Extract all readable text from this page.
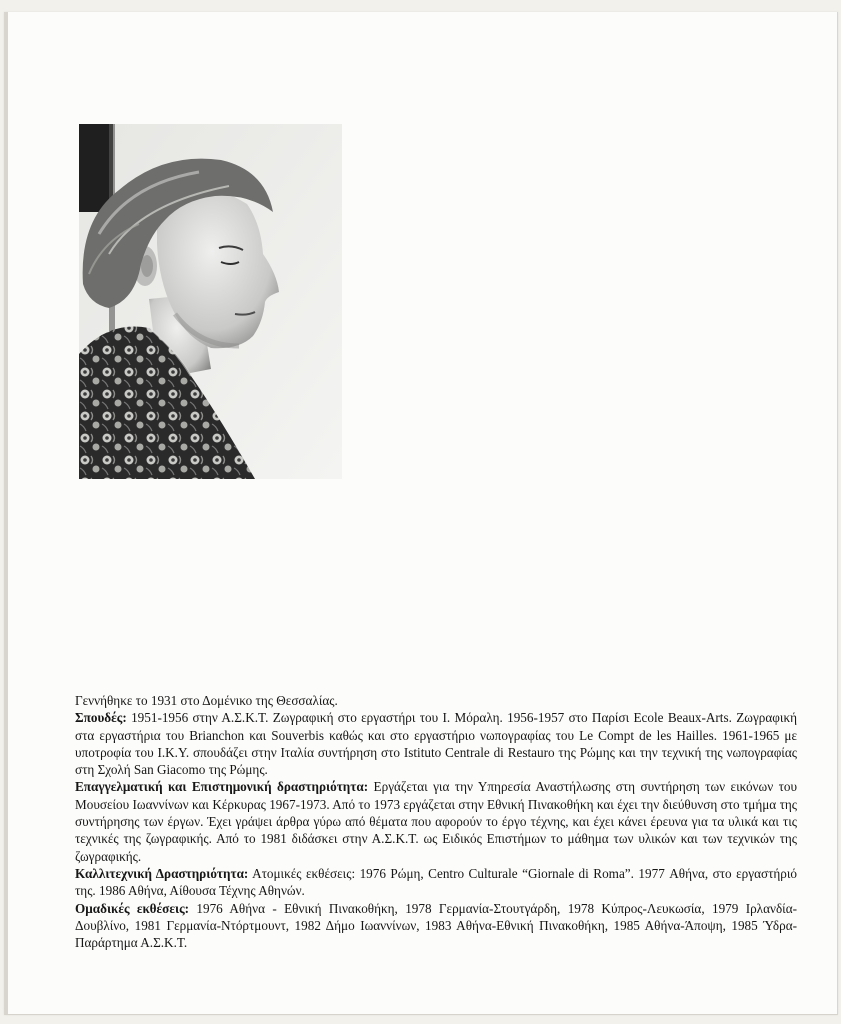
Γεννήθηκε το 1931 στο Δομένικο της Θεσσαλίας.

Σπουδές: 1951-1956 στην Α.Σ.Κ.Τ. Ζωγραφική στο εργαστήρι του Ι. Μόραλη. 1956-1957 στο Παρίσι Ecole Beaux-Arts. Ζωγραφική στα εργαστήρια του Brianchon και Souverbis καθώς και στο εργαστήριο νωπογραφίας του Le Compt de les Hailles. 1961-1965 με υποτροφία του Ι.Κ.Υ. σπουδάζει στην Ιταλία συντήρηση στο Istituto Centrale di Restauro της Ρώμης και την τεχνική της νωπογραφίας στη Σχολή San Giacomo της Ρώμης.

Επαγγελματική και Επιστημονική δραστηριότητα: Εργάζεται για την Υπηρεσία Αναστήλωσης στη συντήρηση των εικόνων του Μουσείου Ιωαννίνων και Κέρκυρας 1967-1973. Από το 1973 εργάζεται στην Εθνική Πινακοθήκη και έχει την διεύθυνση στο τμήμα της συντήρησης των έργων. Έχει γράψει άρθρα γύρω από θέματα που αφορούν το έργο τέχνης, και έχει κάνει έρευνα για τα υλικά και τις τεχνικές της ζωγραφικής. Από το 1981 διδάσκει στην Α.Σ.Κ.Τ. ως Ειδικός Επιστήμων το μάθημα των υλικών και των τεχνικών της ζωγραφικής.

Καλλιτεχνική Δραστηριότητα: Ατομικές εκθέσεις: 1976 Ρώμη, Centro Culturale “Giornale di Roma”. 1977 Αθήνα, στο εργαστήριό της. 1986 Αθήνα, Αίθουσα Τέχνης Αθηνών.

Ομαδικές εκθέσεις: 1976 Αθήνα - Εθνική Πινακοθήκη, 1978 Γερμανία-Στουτγάρδη, 1978 Κύπρος-Λευκωσία, 1979 Ιρλανδία-Δουβλίνο, 1981 Γερμανία-Ντόρτμουντ, 1982 Δήμο Ιωαννίνων, 1983 Αθήνα-Εθνική Πινακοθήκη, 1985 Αθήνα-Άποψη, 1985 Ύδρα-Παράρτημα Α.Σ.Κ.Τ.
